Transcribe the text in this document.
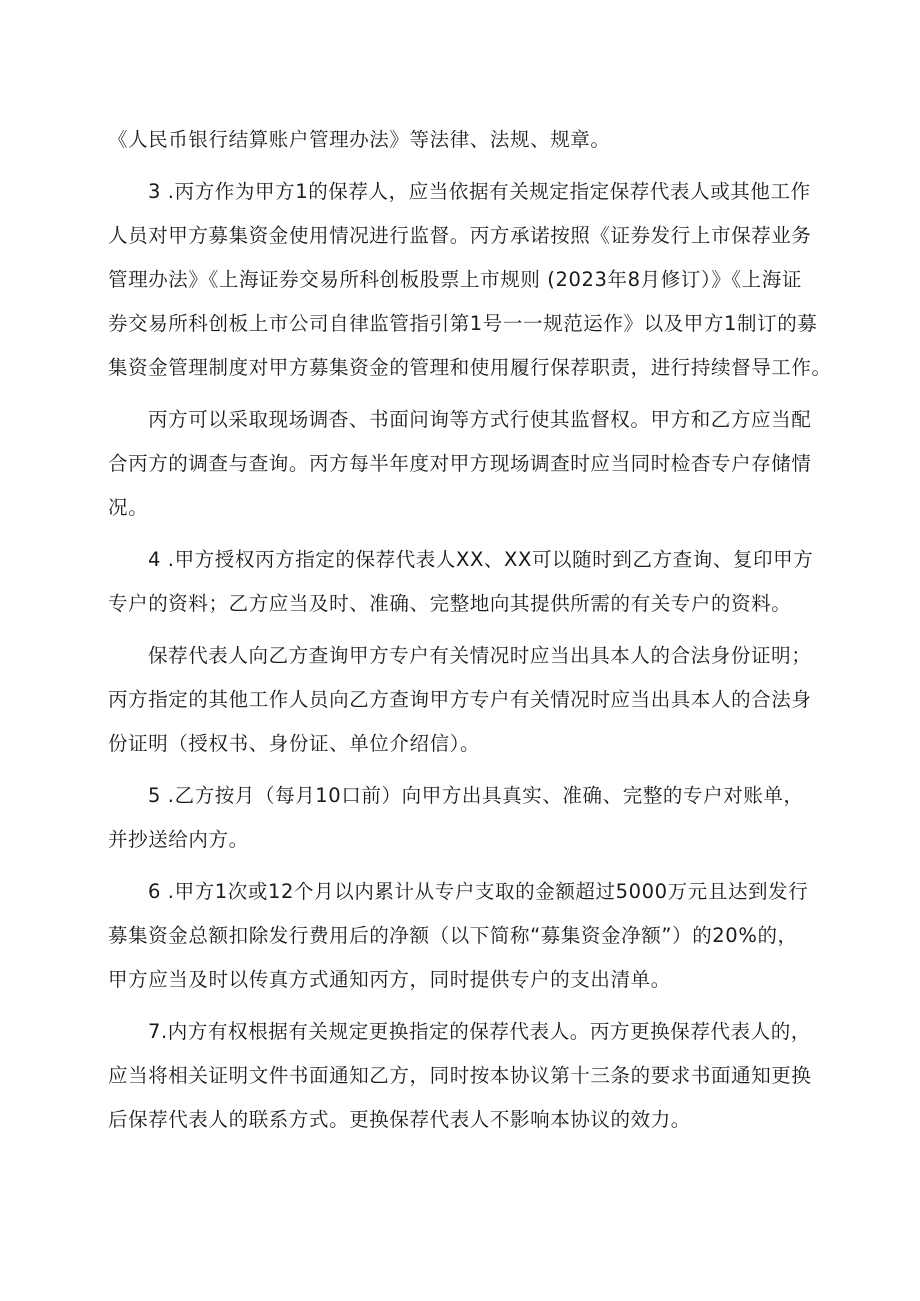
《人民币银行结算账户管理办法》等法律、法规、规章。

3 .丙方作为甲方1的保荐人，应当依据有关规定指定保荐代表人或其他工作
人员对甲方募集资金使用情况进行监督。丙方承诺按照《证券发行上市保荐业务
管理办法》《上海证券交易所科创板股票上市规则 (2023年8月修订）》《上海证
券交易所科创板上市公司自律监管指引第1号一一规范运作》以及甲方1制订的募
集资金管理制度对甲方募集资金的管理和使用履行保荐职责，进行持续督导工作。

丙方可以采取现场调杳、书面问询等方式行使其监督权。甲方和乙方应当配
合丙方的调查与查询。丙方每半年度对甲方现场调查时应当同时检杳专户存储情
况。

4 .甲方授权丙方指定的保荐代表人XX、XX可以随时到乙方查询、复印甲方
专户的资料；乙方应当及时、准确、完整地向其提供所需的有关专户的资料。

保荐代表人向乙方查询甲方专户有关情况时应当出具本人的合法身份证明；
丙方指定的其他工作人员向乙方查询甲方专户有关情况时应当出具本人的合法身
份证明（授权书、身份证、单位介绍信）。

5 .乙方按月（每月10口前）向甲方出具真实、准确、完整的专户对账单，
并抄送给内方。

6 .甲方1次或12个月以内累计从专户支取的金额超过5000万元且达到发行
募集资金总额扣除发行费用后的净额（以下简称“募集资金净额”）的20%的，
甲方应当及时以传真方式通知丙方，同时提供专户的支出清单。

7.内方有权根据有关规定更换指定的保荐代表人。丙方更换保荐代表人的，
应当将相关证明文件书面通知乙方，同时按本协议第十三条的要求书面通知更换
后保荐代表人的联系方式。更换保荐代表人不影响本协议的效力。
